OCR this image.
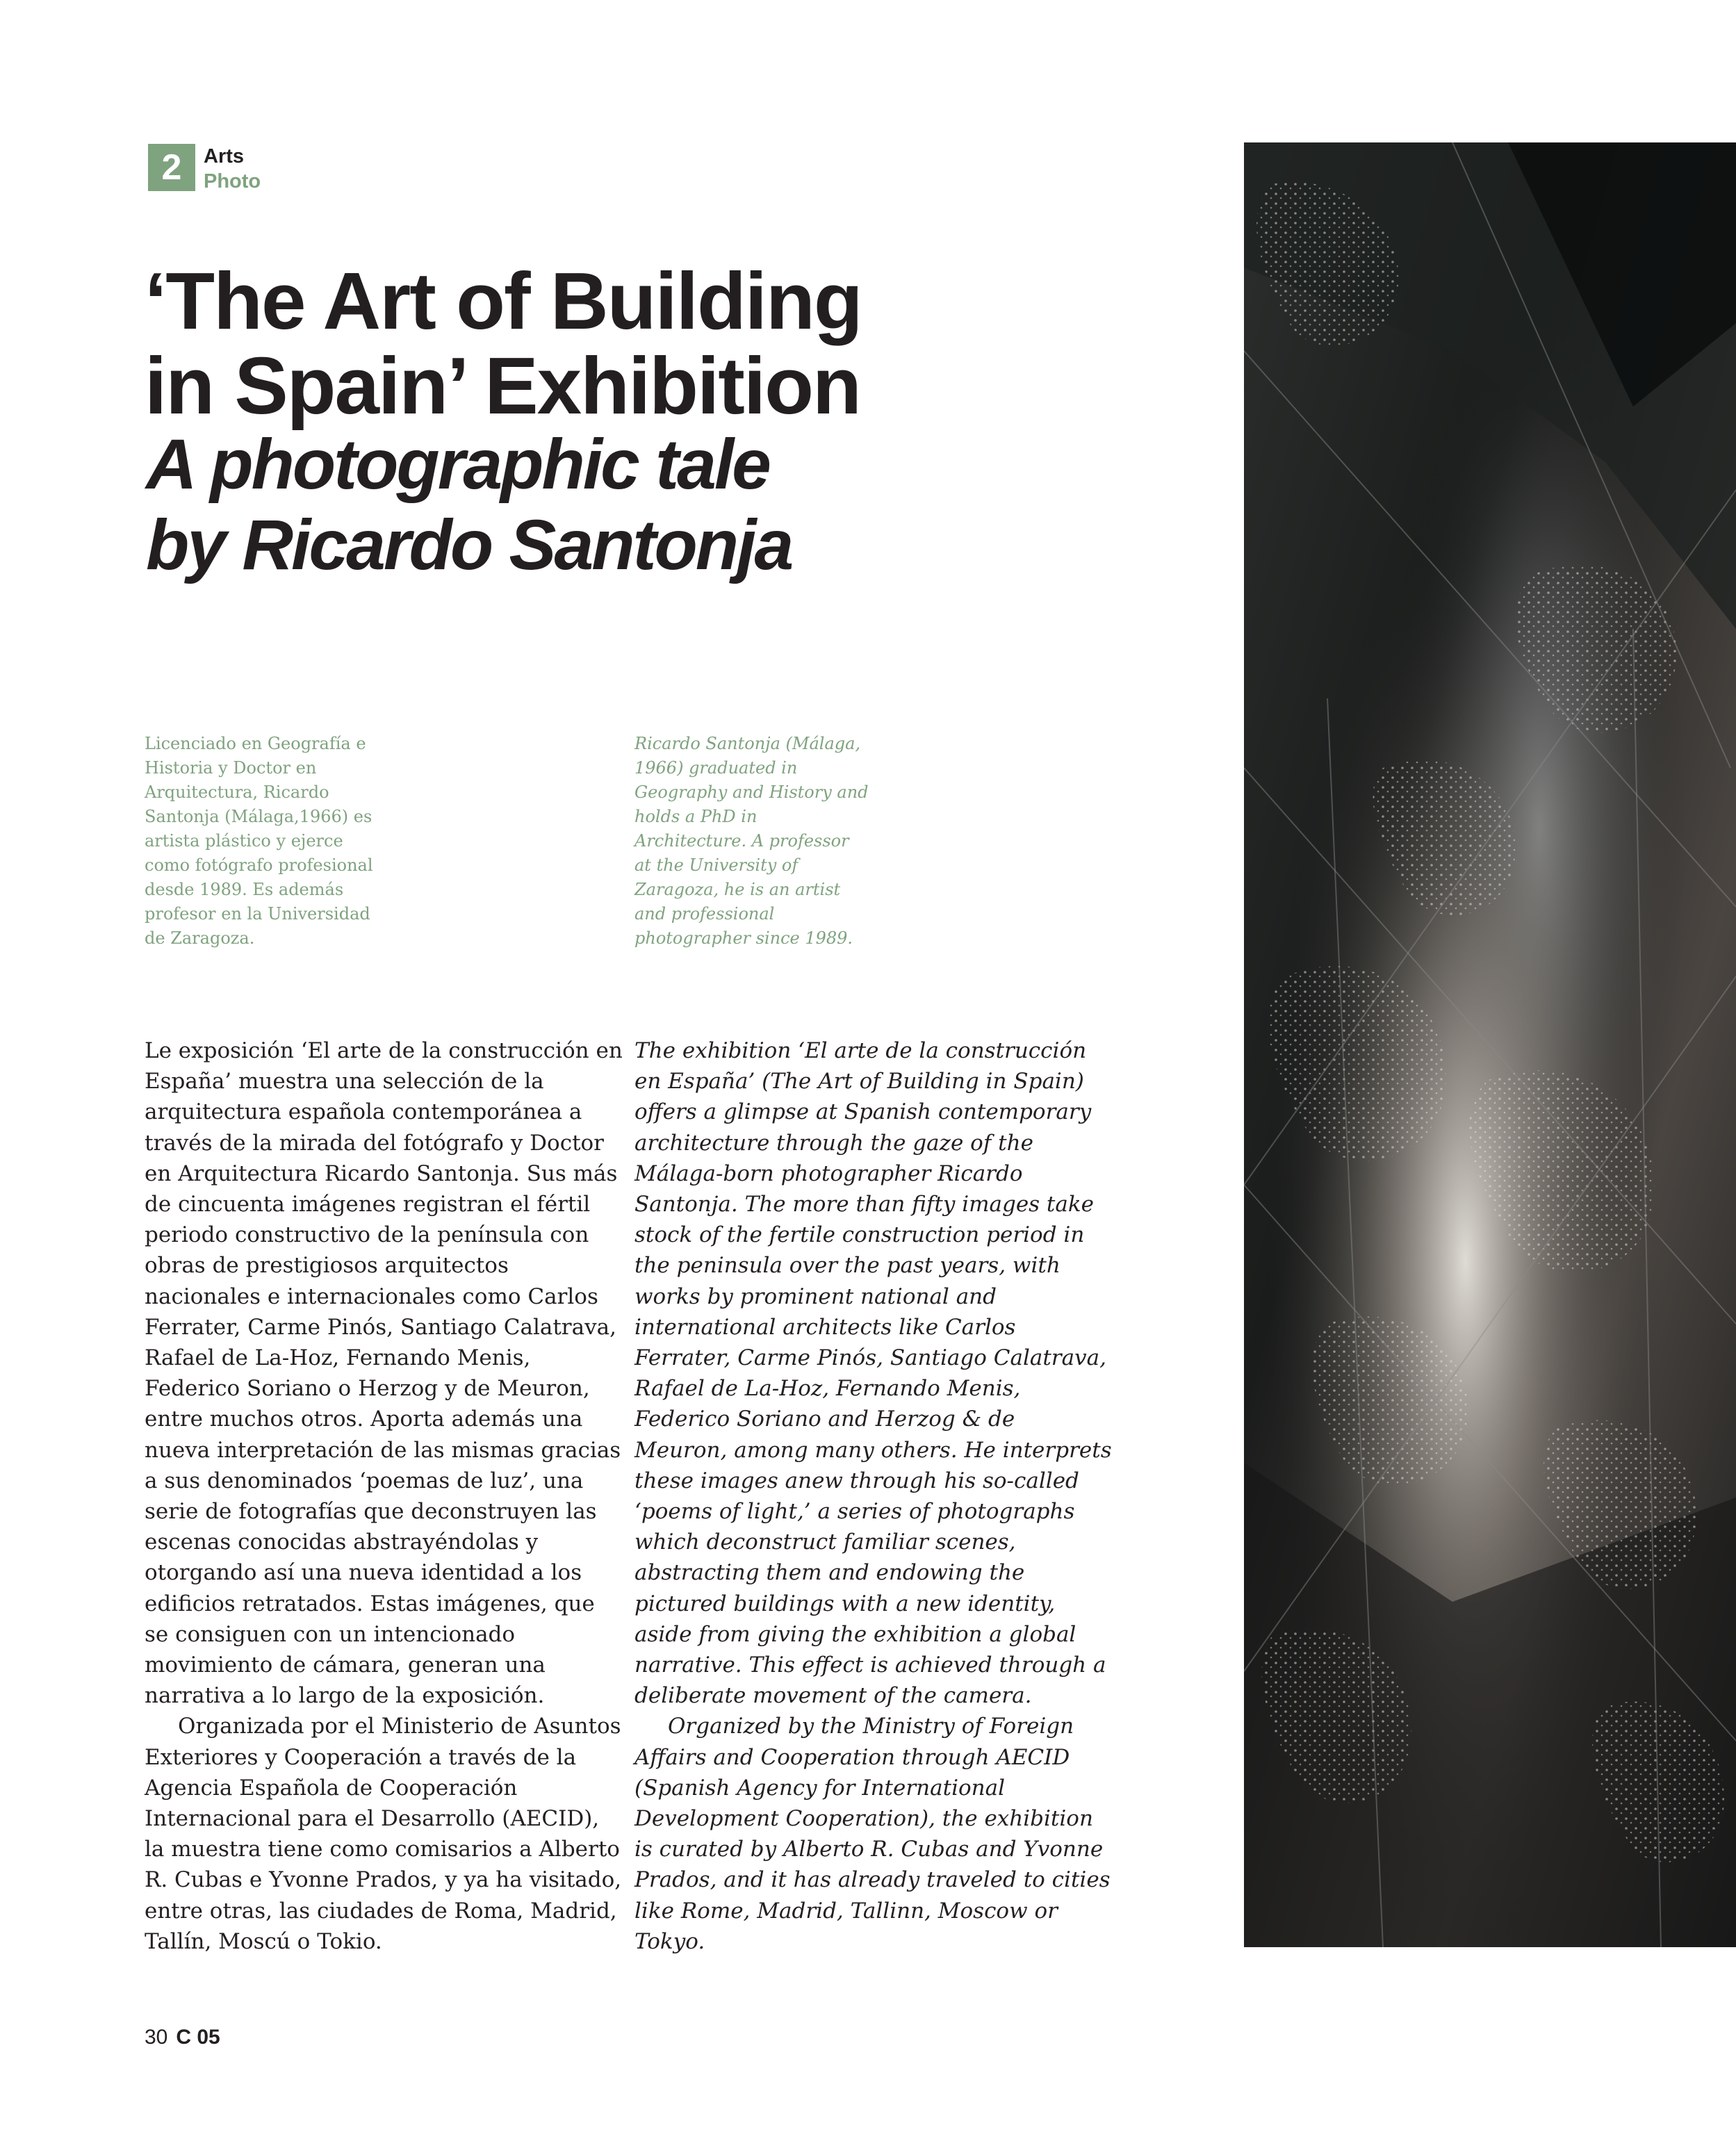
2	Arts
Photo
‘The Art of Building
in Spain’ Exhibition
A photographic tale
by Ricardo Santonja
Licenciado en Geografía e Historia y Doctor en Arquitectura, Ricardo Santonja (Málaga,1966) es artista plástico y ejerce como fotógrafo profesional desde 1989. Es además profesor en la Universidad de Zaragoza.
Ricardo Santonja (Málaga, 1966) graduated in Geography and History and holds a PhD in Architecture. A professor at the University of Zaragoza, he is an artist and professional photographer since 1989.

Le exposición ‘El arte de la construcción en España’ muestra una selección de la arquitectura española contemporánea a través de la mirada del fotógrafo y Doctor en Arquitectura Ricardo Santonja. Sus más de cincuenta imágenes registran el fértil periodo constructivo de la península con obras de prestigiosos arquitectos nacionales e internacionales como Carlos Ferrater, Carme Pinós, Santiago Calatrava, Rafael de La-Hoz, Fernando Menis, Federico Soriano o Herzog y de Meuron, entre muchos otros. Aporta además una nueva interpretación de las mismas gracias a sus denominados ‘poemas de luz’, una serie de fotografías que deconstruyen las escenas conocidas abstrayéndolas y otorgando así una nueva identidad a los edificios retratados. Estas imágenes, que se consiguen con un intencionado movimiento de cámara, generan una narrativa a lo largo de la exposición.

Organizada por el Ministerio de Asuntos Exteriores y Cooperación a través de la Agencia Española de Cooperación Internacional para el Desarrollo (AECID), la muestra tiene como comisarios a Alberto R. Cubas e Yvonne Prados, y ya ha visitado, entre otras, las ciudades de Roma, Madrid, Tallín, Moscú o Tokio.

The exhibition ‘El arte de la construcción en España’ (The Art of Building in Spain) offers a glimpse at Spanish contemporary architecture through the gaze of the Málaga-born photographer Ricardo Santonja. The more than fifty images take stock of the fertile construction period in the peninsula over the past years, with works by prominent national and international architects like Carlos Ferrater, Carme Pinós, Santiago Calatrava, Rafael de La-Hoz, Fernando Menis, Federico Soriano and Herzog & de Meuron, among many others. He interprets these images anew through his so-called ‘poems of light,’ a series of photographs which deconstruct familiar scenes, abstracting them and endowing the pictured buildings with a new identity, aside from giving the exhibition a global narrative. This effect is achieved through a deliberate movement of the camera.

Organized by the Ministry of Foreign Affairs and Cooperation through AECID (Spanish Agency for International Development Cooperation), the exhibition is curated by Alberto R. Cubas and Yvonne Prados, and it has already traveled to cities like Rome, Madrid, Tallinn, Moscow or Tokyo.

30 C 05
